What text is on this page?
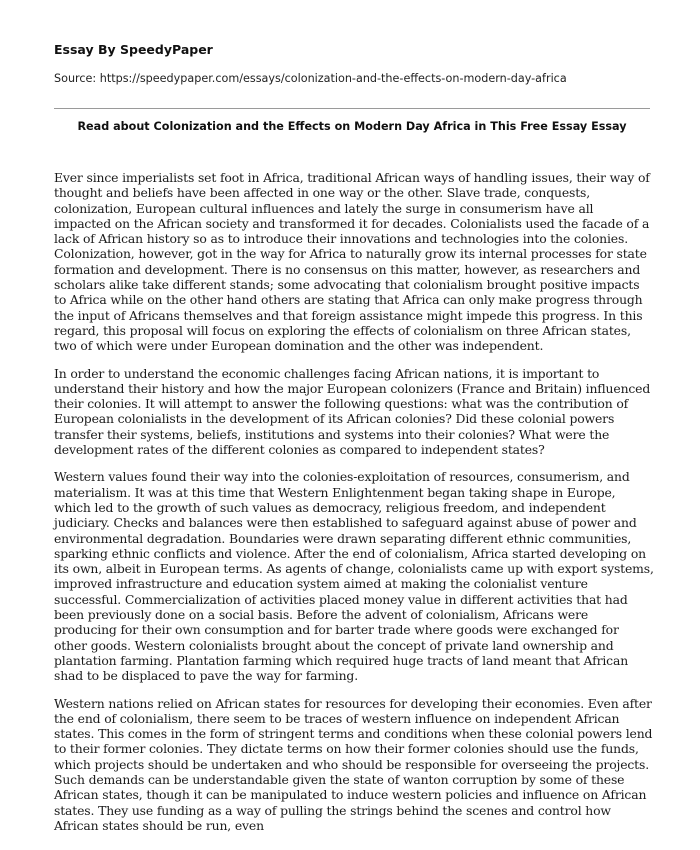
Essay By SpeedyPaper

Source: https://speedypaper.com/essays/colonization-and-the-effects-on-modern-day-africa

Read about Colonization and the Effects on Modern Day Africa in This Free Essay Essay

Ever since imperialists set foot in Africa, traditional African ways of handling issues, their way of thought and beliefs have been affected in one way or the other. Slave trade, conquests, colonization, European cultural influences and lately the surge in consumerism have all impacted on the African society and transformed it for decades. Colonialists used the facade of a lack of African history so as to introduce their innovations and technologies into the colonies. Colonization, however, got in the way for Africa to naturally grow its internal processes for state formation and development. There is no consensus on this matter, however, as researchers and scholars alike take different stands; some advocating that colonialism brought positive impacts to Africa while on the other hand others are stating that Africa can only make progress through the input of Africans themselves and that foreign assistance might impede this progress. In this regard, this proposal will focus on exploring the effects of colonialism on three African states, two of which were under European domination and the other was independent.

In order to understand the economic challenges facing African nations, it is important to understand their history and how the major European colonizers (France and Britain) influenced their colonies. It will attempt to answer the following questions: what was the contribution of European colonialists in the development of its African colonies? Did these colonial powers transfer their systems, beliefs, institutions and systems into their colonies? What were the development rates of the different colonies as compared to independent states?

Western values found their way into the colonies-exploitation of resources, consumerism, and materialism. It was at this time that Western Enlightenment began taking shape in Europe, which led to the growth of such values as democracy, religious freedom, and independent judiciary. Checks and balances were then established to safeguard against abuse of power and environmental degradation. Boundaries were drawn separating different ethnic communities, sparking ethnic conflicts and violence. After the end of colonialism, Africa started developing on its own, albeit in European terms. As agents of change, colonialists came up with export systems, improved infrastructure and education system aimed at making the colonialist venture successful. Commercialization of activities placed money value in different activities that had been previously done on a social basis. Before the advent of colonialism, Africans were producing for their own consumption and for barter trade where goods were exchanged for other goods. Western colonialists brought about the concept of private land ownership and plantation farming. Plantation farming which required huge tracts of land meant that African shad to be displaced to pave the way for farming.

Western nations relied on African states for resources for developing their economies. Even after the end of colonialism, there seem to be traces of western influence on independent African states. This comes in the form of stringent terms and conditions when these colonial powers lend to their former colonies. They dictate terms on how their former colonies should use the funds, which projects should be undertaken and who should be responsible for overseeing the projects. Such demands can be understandable given the state of wanton corruption by some of these African states, though it can be manipulated to induce western policies and influence on African states. They use funding as a way of pulling the strings behind the scenes and control how African states should be run, even
